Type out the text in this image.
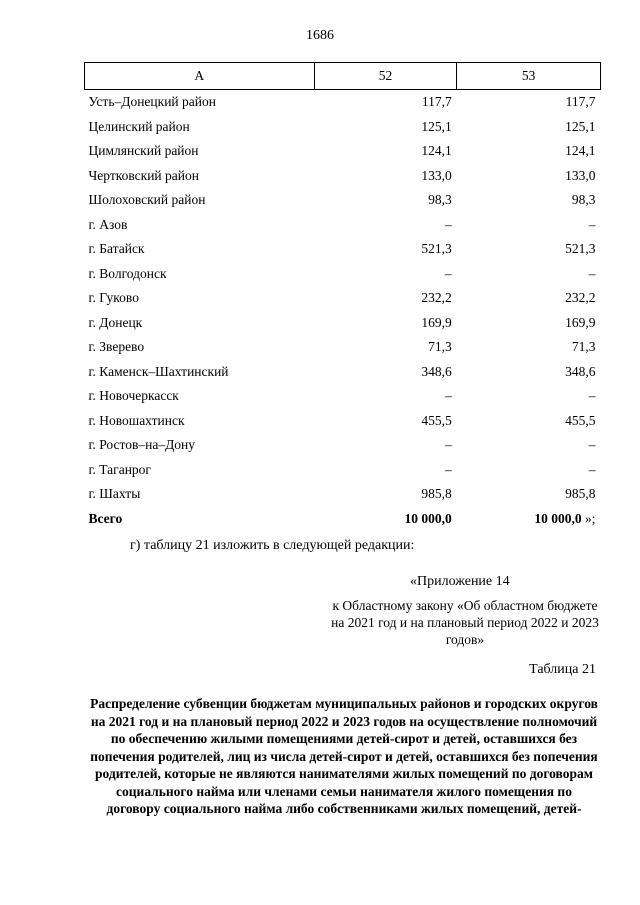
1686
А	52	53
Усть–Донецкий район	117,7	117,7
Целинский район	125,1	125,1
Цимлянский район	124,1	124,1
Чертковский район	133,0	133,0
Шолоховский район	98,3	98,3
г. Азов	–	–
г. Батайск	521,3	521,3
г. Волгодонск	–	–
г. Гуково	232,2	232,2
г. Донецк	169,9	169,9
г. Зверево	71,3	71,3
г. Каменск–Шахтинский	348,6	348,6
г. Новочеркасск	–	–
г. Новошахтинск	455,5	455,5
г. Ростов–на–Дону	–	–
г. Таганрог	–	–
г. Шахты	985,8	985,8
Всего	10 000,0	10 000,0 »;
г) таблицу 21 изложить в следующей редакции:
«Приложение 14
к Областному закону «Об областном бюджете на 2021 год и на плановый период 2022 и 2023 годов»
Таблица 21
Распределение субвенции бюджетам муниципальных районов и городских округов на 2021 год и на плановый период 2022 и 2023 годов на осуществление полномочий по обеспечению жилыми помещениями детей-сирот и детей, оставшихся без попечения родителей, лиц из числа детей-сирот и детей, оставшихся без попечения родителей, которые не являются нанимателями жилых помещений по договорам социального найма или членами семьи нанимателя жилого помещения по договору социального найма либо собственниками жилых помещений, детей-
